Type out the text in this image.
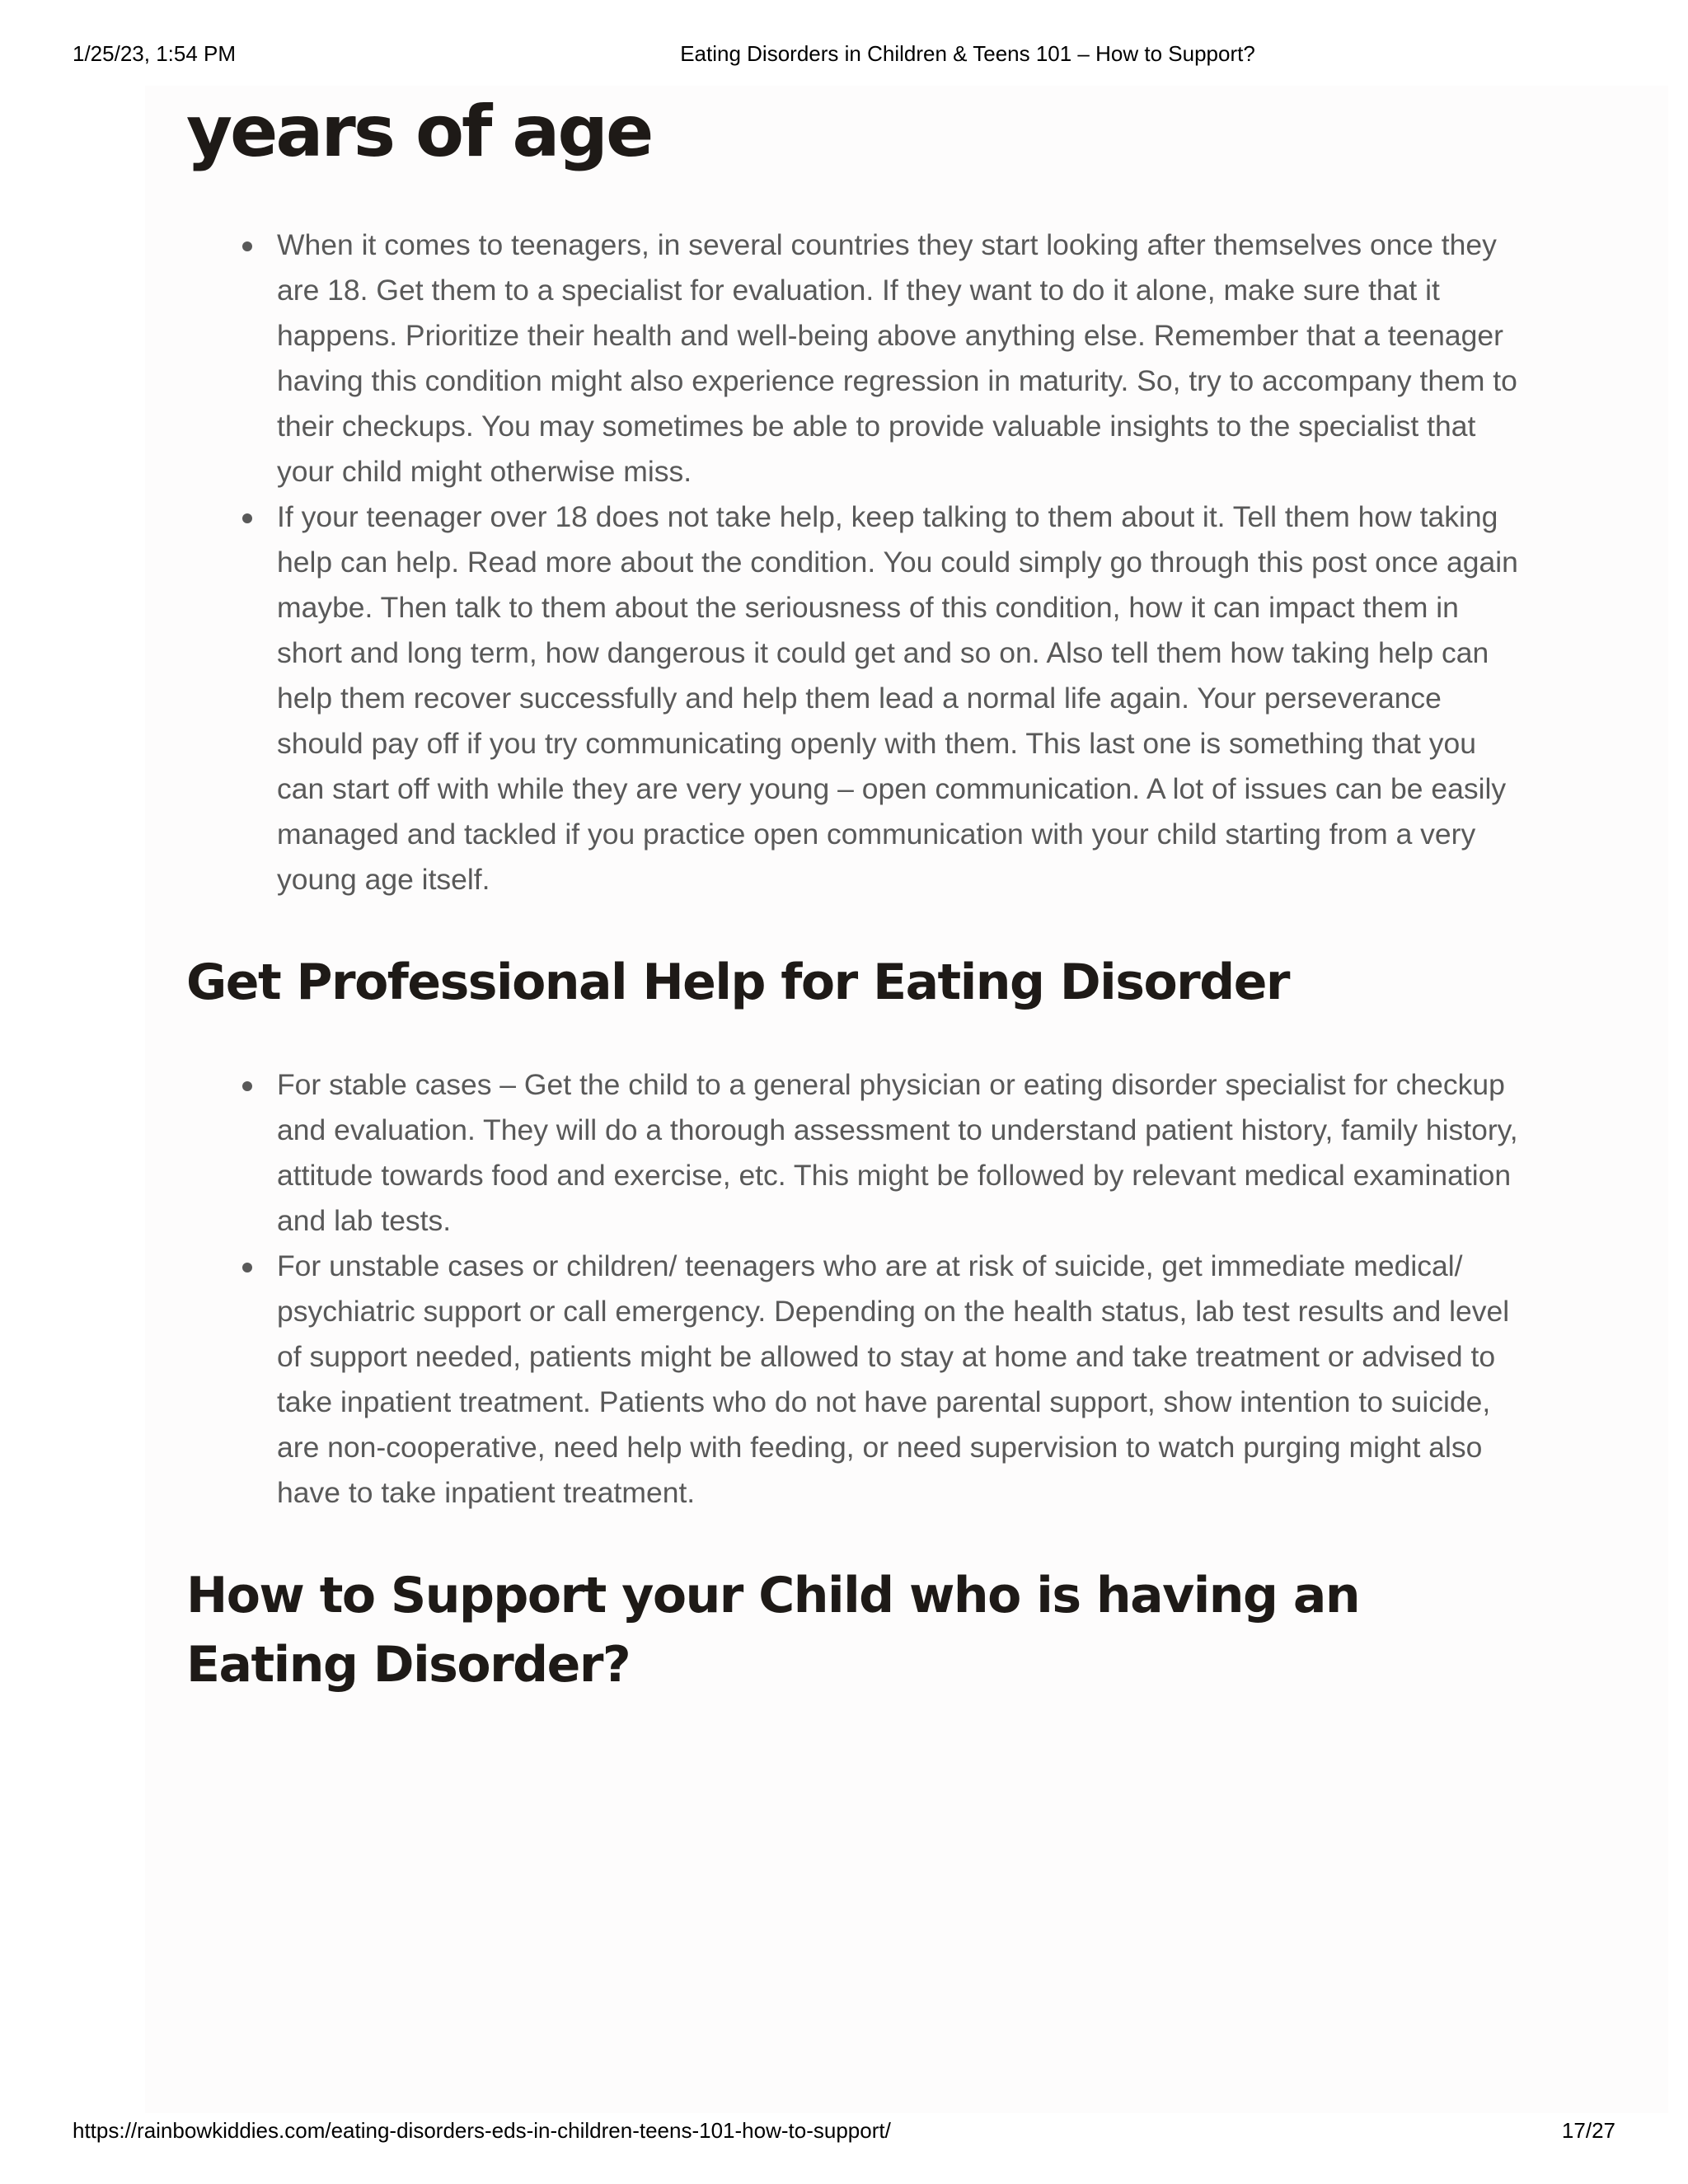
1/25/23, 1:54 PM	Eating Disorders in Children & Teens 101 – How to Support?
years of age
When it comes to teenagers, in several countries they start looking after themselves once they are 18. Get them to a specialist for evaluation. If they want to do it alone, make sure that it happens. Prioritize their health and well-being above anything else. Remember that a teenager having this condition might also experience regression in maturity. So, try to accompany them to their checkups. You may sometimes be able to provide valuable insights to the specialist that your child might otherwise miss.
If your teenager over 18 does not take help, keep talking to them about it. Tell them how taking help can help. Read more about the condition. You could simply go through this post once again maybe. Then talk to them about the seriousness of this condition, how it can impact them in short and long term, how dangerous it could get and so on. Also tell them how taking help can help them recover successfully and help them lead a normal life again. Your perseverance should pay off if you try communicating openly with them. This last one is something that you can start off with while they are very young – open communication. A lot of issues can be easily managed and tackled if you practice open communication with your child starting from a very young age itself.
Get Professional Help for Eating Disorder
For stable cases – Get the child to a general physician or eating disorder specialist for checkup and evaluation. They will do a thorough assessment to understand patient history, family history, attitude towards food and exercise, etc. This might be followed by relevant medical examination and lab tests.
For unstable cases or children/ teenagers who are at risk of suicide, get immediate medical/ psychiatric support or call emergency. Depending on the health status, lab test results and level of support needed, patients might be allowed to stay at home and take treatment or advised to take inpatient treatment. Patients who do not have parental support, show intention to suicide, are non-cooperative, need help with feeding, or need supervision to watch purging might also have to take inpatient treatment.
How to Support your Child who is having an Eating Disorder?
https://rainbowkiddies.com/eating-disorders-eds-in-children-teens-101-how-to-support/	17/27
